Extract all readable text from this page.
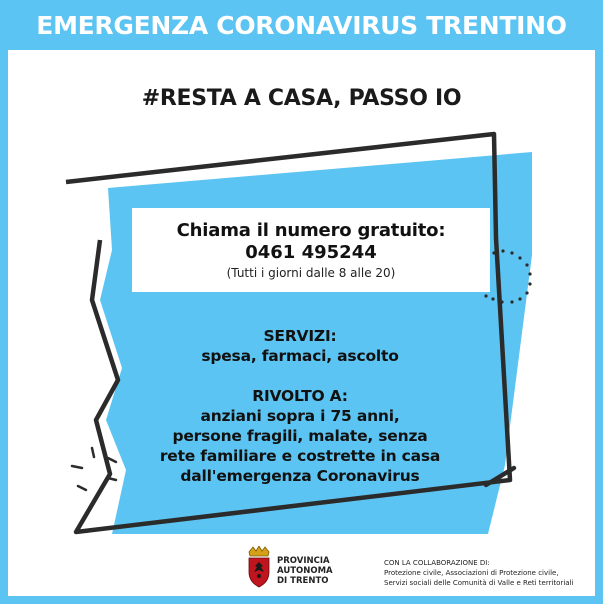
EMERGENZA CORONAVIRUS TRENTINO
#RESTA A CASA, PASSO IO
Chiama il numero gratuito:
0461 495244
(Tutti i giorni dalle 8 alle 20)
SERVIZI:
spesa, farmaci, ascolto
RIVOLTO A:
anziani sopra i 75 anni,
persone fragili, malate, senza
rete familiare e costrette in casa
dall'emergenza Coronavirus
PROVINCIA
AUTONOMA
DI TRENTO
CON LA COLLABORAZIONE DI:
Protezione civile, Associazioni di Protezione civile,
Servizi sociali delle Comunità di Valle e Reti territoriali
